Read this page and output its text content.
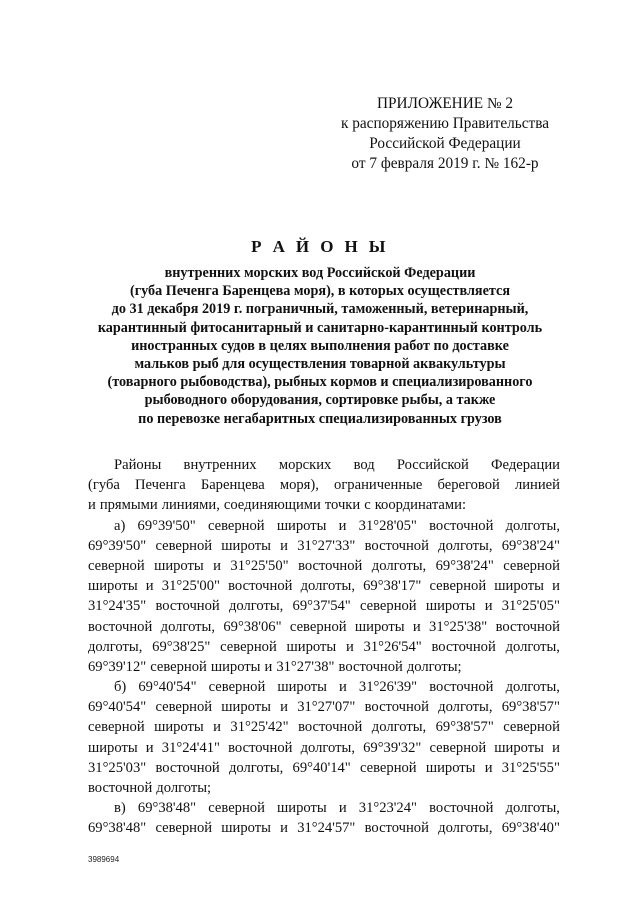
ПРИЛОЖЕНИЕ № 2
к распоряжению Правительства
Российской Федерации
от 7 февраля 2019 г. № 162-р
Р А Й О Н Ы
внутренних морских вод Российской Федерации
(губа Печенга Баренцева моря), в которых осуществляется
до 31 декабря 2019 г. пограничный, таможенный, ветеринарный,
карантинный фитосанитарный и санитарно-карантинный контроль
иностранных судов в целях выполнения работ по доставке
мальков рыб для осуществления товарной аквакультуры
(товарного рыбоводства), рыбных кормов и специализированного
рыбоводного оборудования, сортировке рыбы, а также
по перевозке негабаритных специализированных грузов
Районы внутренних морских вод Российской Федерации
(губа Печенга Баренцева моря), ограниченные береговой линией
и прямыми линиями, соединяющими точки с координатами:
а) 69°39'50" северной широты и 31°28'05" восточной долготы,
69°39'50" северной широты и 31°27'33" восточной долготы, 69°38'24"
северной широты и 31°25'50" восточной долготы, 69°38'24" северной
широты и 31°25'00" восточной долготы, 69°38'17" северной широты и
31°24'35" восточной долготы, 69°37'54" северной широты и 31°25'05"
восточной долготы, 69°38'06" северной широты и 31°25'38" восточной
долготы, 69°38'25" северной широты и 31°26'54" восточной долготы,
69°39'12" северной широты и 31°27'38" восточной долготы;
б) 69°40'54" северной широты и 31°26'39" восточной долготы,
69°40'54" северной широты и 31°27'07" восточной долготы, 69°38'57"
северной широты и 31°25'42" восточной долготы, 69°38'57" северной
широты и 31°24'41" восточной долготы, 69°39'32" северной широты и
31°25'03" восточной долготы, 69°40'14" северной широты и 31°25'55"
восточной долготы;
в) 69°38'48" северной широты и 31°23'24" восточной долготы,
69°38'48" северной широты и 31°24'57" восточной долготы, 69°38'40"
3989694
